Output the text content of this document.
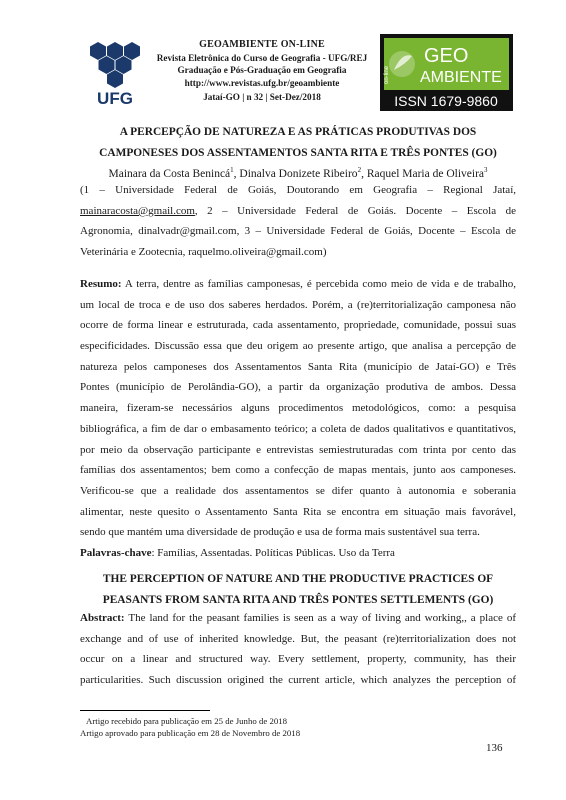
UFG
GEOAMBIENTE ON-LINE
Revista Eletrônica do Curso de Geografia - UFG/REJ
Graduação e Pós-Graduação em Geografia
http://www.revistas.ufg.br/geoambiente
Jataí-GO | n 32 | Set-Dez/2018
on-line
GEO
AMBIENTE
ISSN 1679-9860
A PERCEPÇÃO DE NATUREZA E AS PRÁTICAS PRODUTIVAS DOS
CAMPONESES DOS ASSENTAMENTOS SANTA RITA E TRÊS PONTES (GO)
Mainara da Costa Benincá$^1$, Dinalva Donizete Ribeiro$^2$, Raquel Maria de Oliveira$^3$
(1 – Universidade Federal de Goiás, Doutorando em Geografia – Regional Jataí,
mainaracosta@gmail.com, 2 – Universidade Federal de Goiás. Docente – Escola de
Agronomia, dinalvadr@gmail.com, 3 – Universidade Federal de Goiás, Docente – Escola de
Veterinária e Zootecnia, raquelmo.oliveira@gmail.com)
Resumo: A terra, dentre as famílias camponesas, é percebida como meio de vida e de trabalho,
um local de troca e de uso dos saberes herdados. Porém, a (re)territorialização camponesa não
ocorre de forma linear e estruturada, cada assentamento, propriedade, comunidade, possui suas
especificidades. Discussão essa que deu origem ao presente artigo, que analisa a percepção de
natureza pelos camponeses dos Assentamentos Santa Rita (município de Jataí-GO) e Três
Pontes (município de Perolândia-GO), a partir da organização produtiva de ambos. Dessa
maneira, fizeram-se necessários alguns procedimentos metodológicos, como: a pesquisa
bibliográfica, a fim de dar o embasamento teórico; a coleta de dados qualitativos e quantitativos,
por meio da observação participante e entrevistas semiestruturadas com trinta por cento das
famílias dos assentamentos; bem como a confecção de mapas mentais, junto aos camponeses.
Verificou-se que a realidade dos assentamentos se difer quanto à autonomia e soberania
alimentar, neste quesito o Assentamento Santa Rita se encontra em situação mais favorável,
sendo que mantém uma diversidade de produção e usa de forma mais sustentável sua terra.
Palavras-chave: Famílias, Assentadas. Políticas Públicas. Uso da Terra
THE PERCEPTION OF NATURE AND THE PRODUCTIVE PRACTICES OF
PEASANTS FROM SANTA RITA AND TRÊS PONTES SETTLEMENTS (GO)
Abstract: The land for the peasant families is seen as a way of living and working,, a place of
exchange and of use of inherited knowledge. But, the peasant (re)territorialization does not
occur on a linear and structured way. Every settlement, property, community, has their
particularities. Such discussion origined the current article, which analyzes the perception of
Artigo recebido para publicação em 25 de Junho de 2018
Artigo aprovado para publicação em 28 de Novembro de 2018
136
